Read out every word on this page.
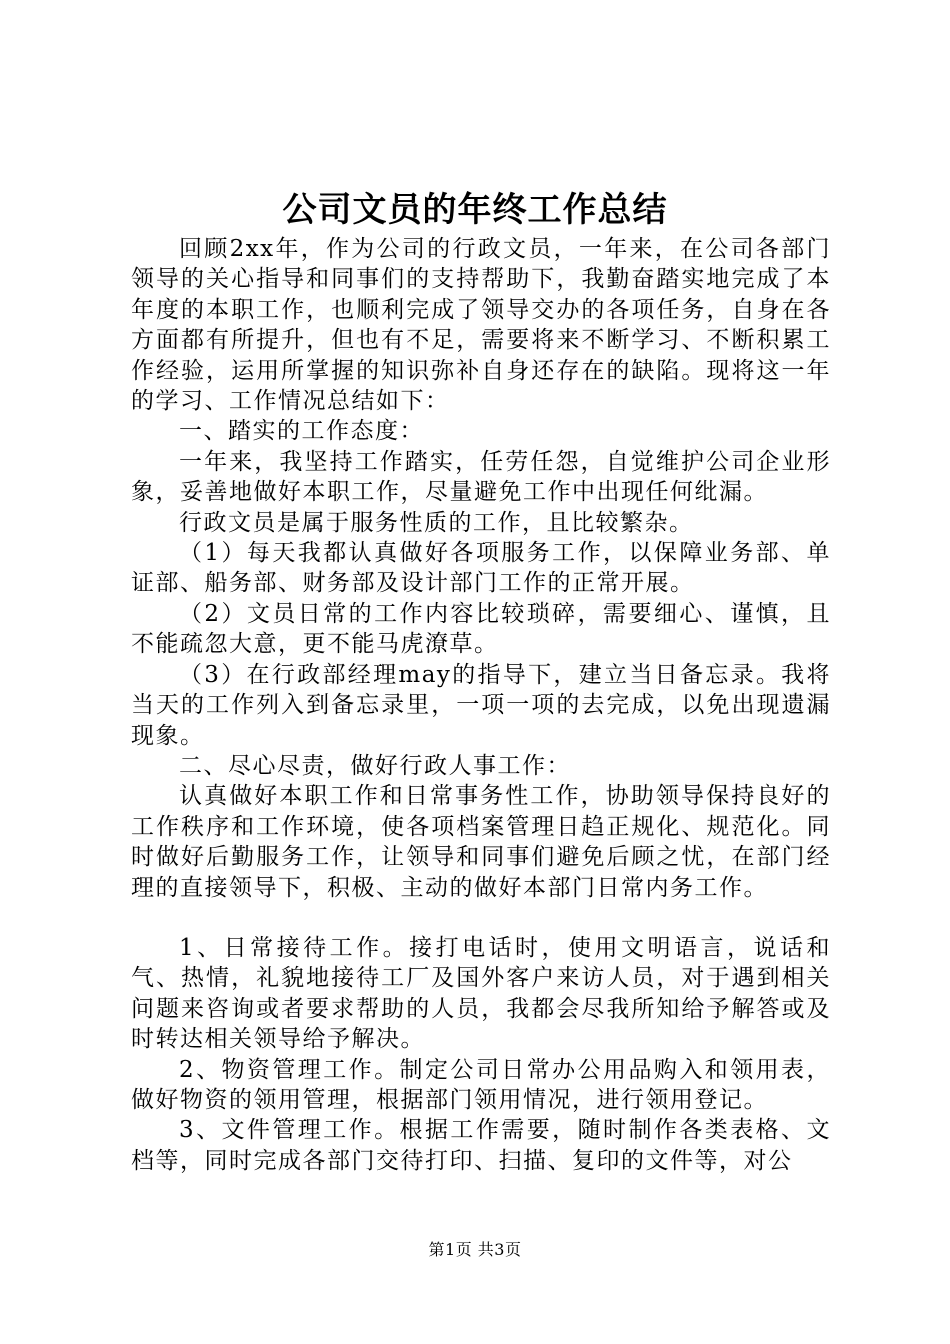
公司文员的年终工作总结

回顾2xx年，作为公司的行政文员，一年来，在公司各部门领导的关心指导和同事们的支持帮助下，我勤奋踏实地完成了本年度的本职工作，也顺利完成了领导交办的各项任务，自身在各方面都有所提升，但也有不足，需要将来不断学习、不断积累工作经验，运用所掌握的知识弥补自身还存在的缺陷。现将这一年的学习、工作情况总结如下：

一、踏实的工作态度：

一年来，我坚持工作踏实，任劳任怨，自觉维护公司企业形象，妥善地做好本职工作，尽量避免工作中出现任何纰漏。

行政文员是属于服务性质的工作，且比较繁杂。

（1）每天我都认真做好各项服务工作，以保障业务部、单证部、船务部、财务部及设计部门工作的正常开展。

（2）文员日常的工作内容比较琐碎，需要细心、谨慎，且不能疏忽大意，更不能马虎潦草。

（3）在行政部经理may的指导下，建立当日备忘录。我将当天的工作列入到备忘录里，一项一项的去完成，以免出现遗漏现象。

二、尽心尽责，做好行政人事工作：

认真做好本职工作和日常事务性工作，协助领导保持良好的工作秩序和工作环境，使各项档案管理日趋正规化、规范化。同时做好后勤服务工作，让领导和同事们避免后顾之忧，在部门经理的直接领导下，积极、主动的做好本部门日常内务工作。

1、日常接待工作。接打电话时，使用文明语言，说话和气、热情，礼貌地接待工厂及国外客户来访人员，对于遇到相关问题来咨询或者要求帮助的人员，我都会尽我所知给予解答或及时转达相关领导给予解决。

2、物资管理工作。制定公司日常办公用品购入和领用表，做好物资的领用管理，根据部门领用情况，进行领用登记。

3、文件管理工作。根据工作需要，随时制作各类表格、文档等，同时完成各部门交待打印、扫描、复印的文件等，对公

第1页 共3页
